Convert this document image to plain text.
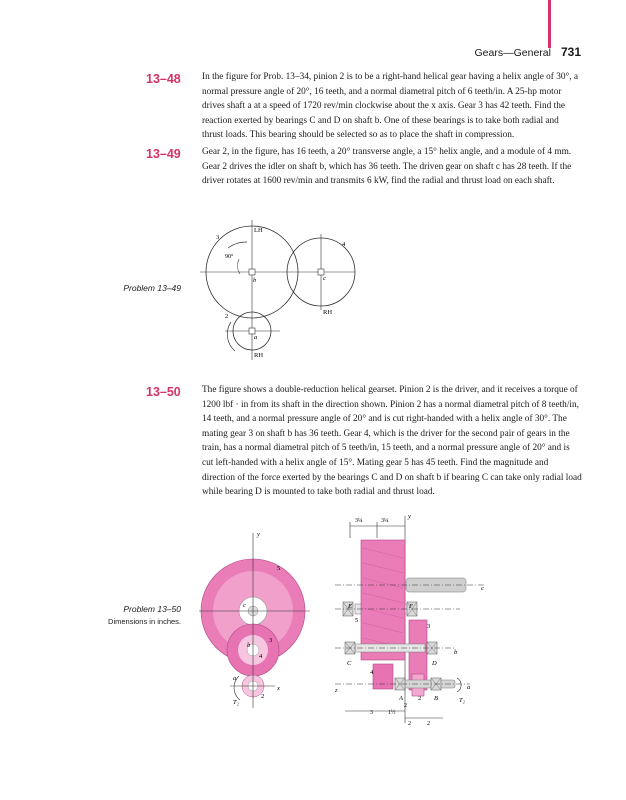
Gears—General 731
13–48 In the figure for Prob. 13–34, pinion 2 is to be a right-hand helical gear having a helix angle of 30°, a normal pressure angle of 20°, 16 teeth, and a normal diametral pitch of 6 teeth/in. A 25-hp motor drives shaft a at a speed of 1720 rev/min clockwise about the x axis. Gear 3 has 42 teeth. Find the reaction exerted by bearings C and D on shaft b. One of these bearings is to take both radial and thrust loads. This bearing should be selected so as to place the shaft in compression.

13–49 Gear 2, in the figure, has 16 teeth, a 20° transverse angle, a 15° helix angle, and a module of 4 mm. Gear 2 drives the idler on shaft b, which has 36 teeth. The driven gear on shaft c has 28 teeth. If the driver rotates at 1600 rev/min and transmits 6 kW, find the radial and thrust load on each shaft.

Problem 13–49
LH
3
4
90°
b	c
RH
2
a
RH
13–50 The figure shows a double-reduction helical gearset. Pinion 2 is the driver, and it receives a torque of 1200 lbf · in from its shaft in the direction shown. Pinion 2 has a normal diametral pitch of 8 teeth/in, 14 teeth, and a normal pressure angle of 20° and is cut right-handed with a helix angle of 30°. The mating gear 3 on shaft b has 36 teeth. Gear 4, which is the driver for the second pair of gears in the train, has a normal diametral pitch of 5 teeth/in, 15 teeth, and a normal pressure angle of 20° and is cut left-handed with a helix angle of 15°. Mating gear 5 has 45 teeth. Find the magnitude and direction of the force exerted by the bearings C and D on shaft b if bearing C can take only radial load while bearing D is mounted to take both radial and thrust load.

Problem 13–50
Dimensions in inches.
y
5
c
3
b
4
a
x
2
T₂
3¼	3¼
y
c
E	F
5
3
b
C	D
4
a
z
A 2 B	T₂
3	1½
2
2	2
